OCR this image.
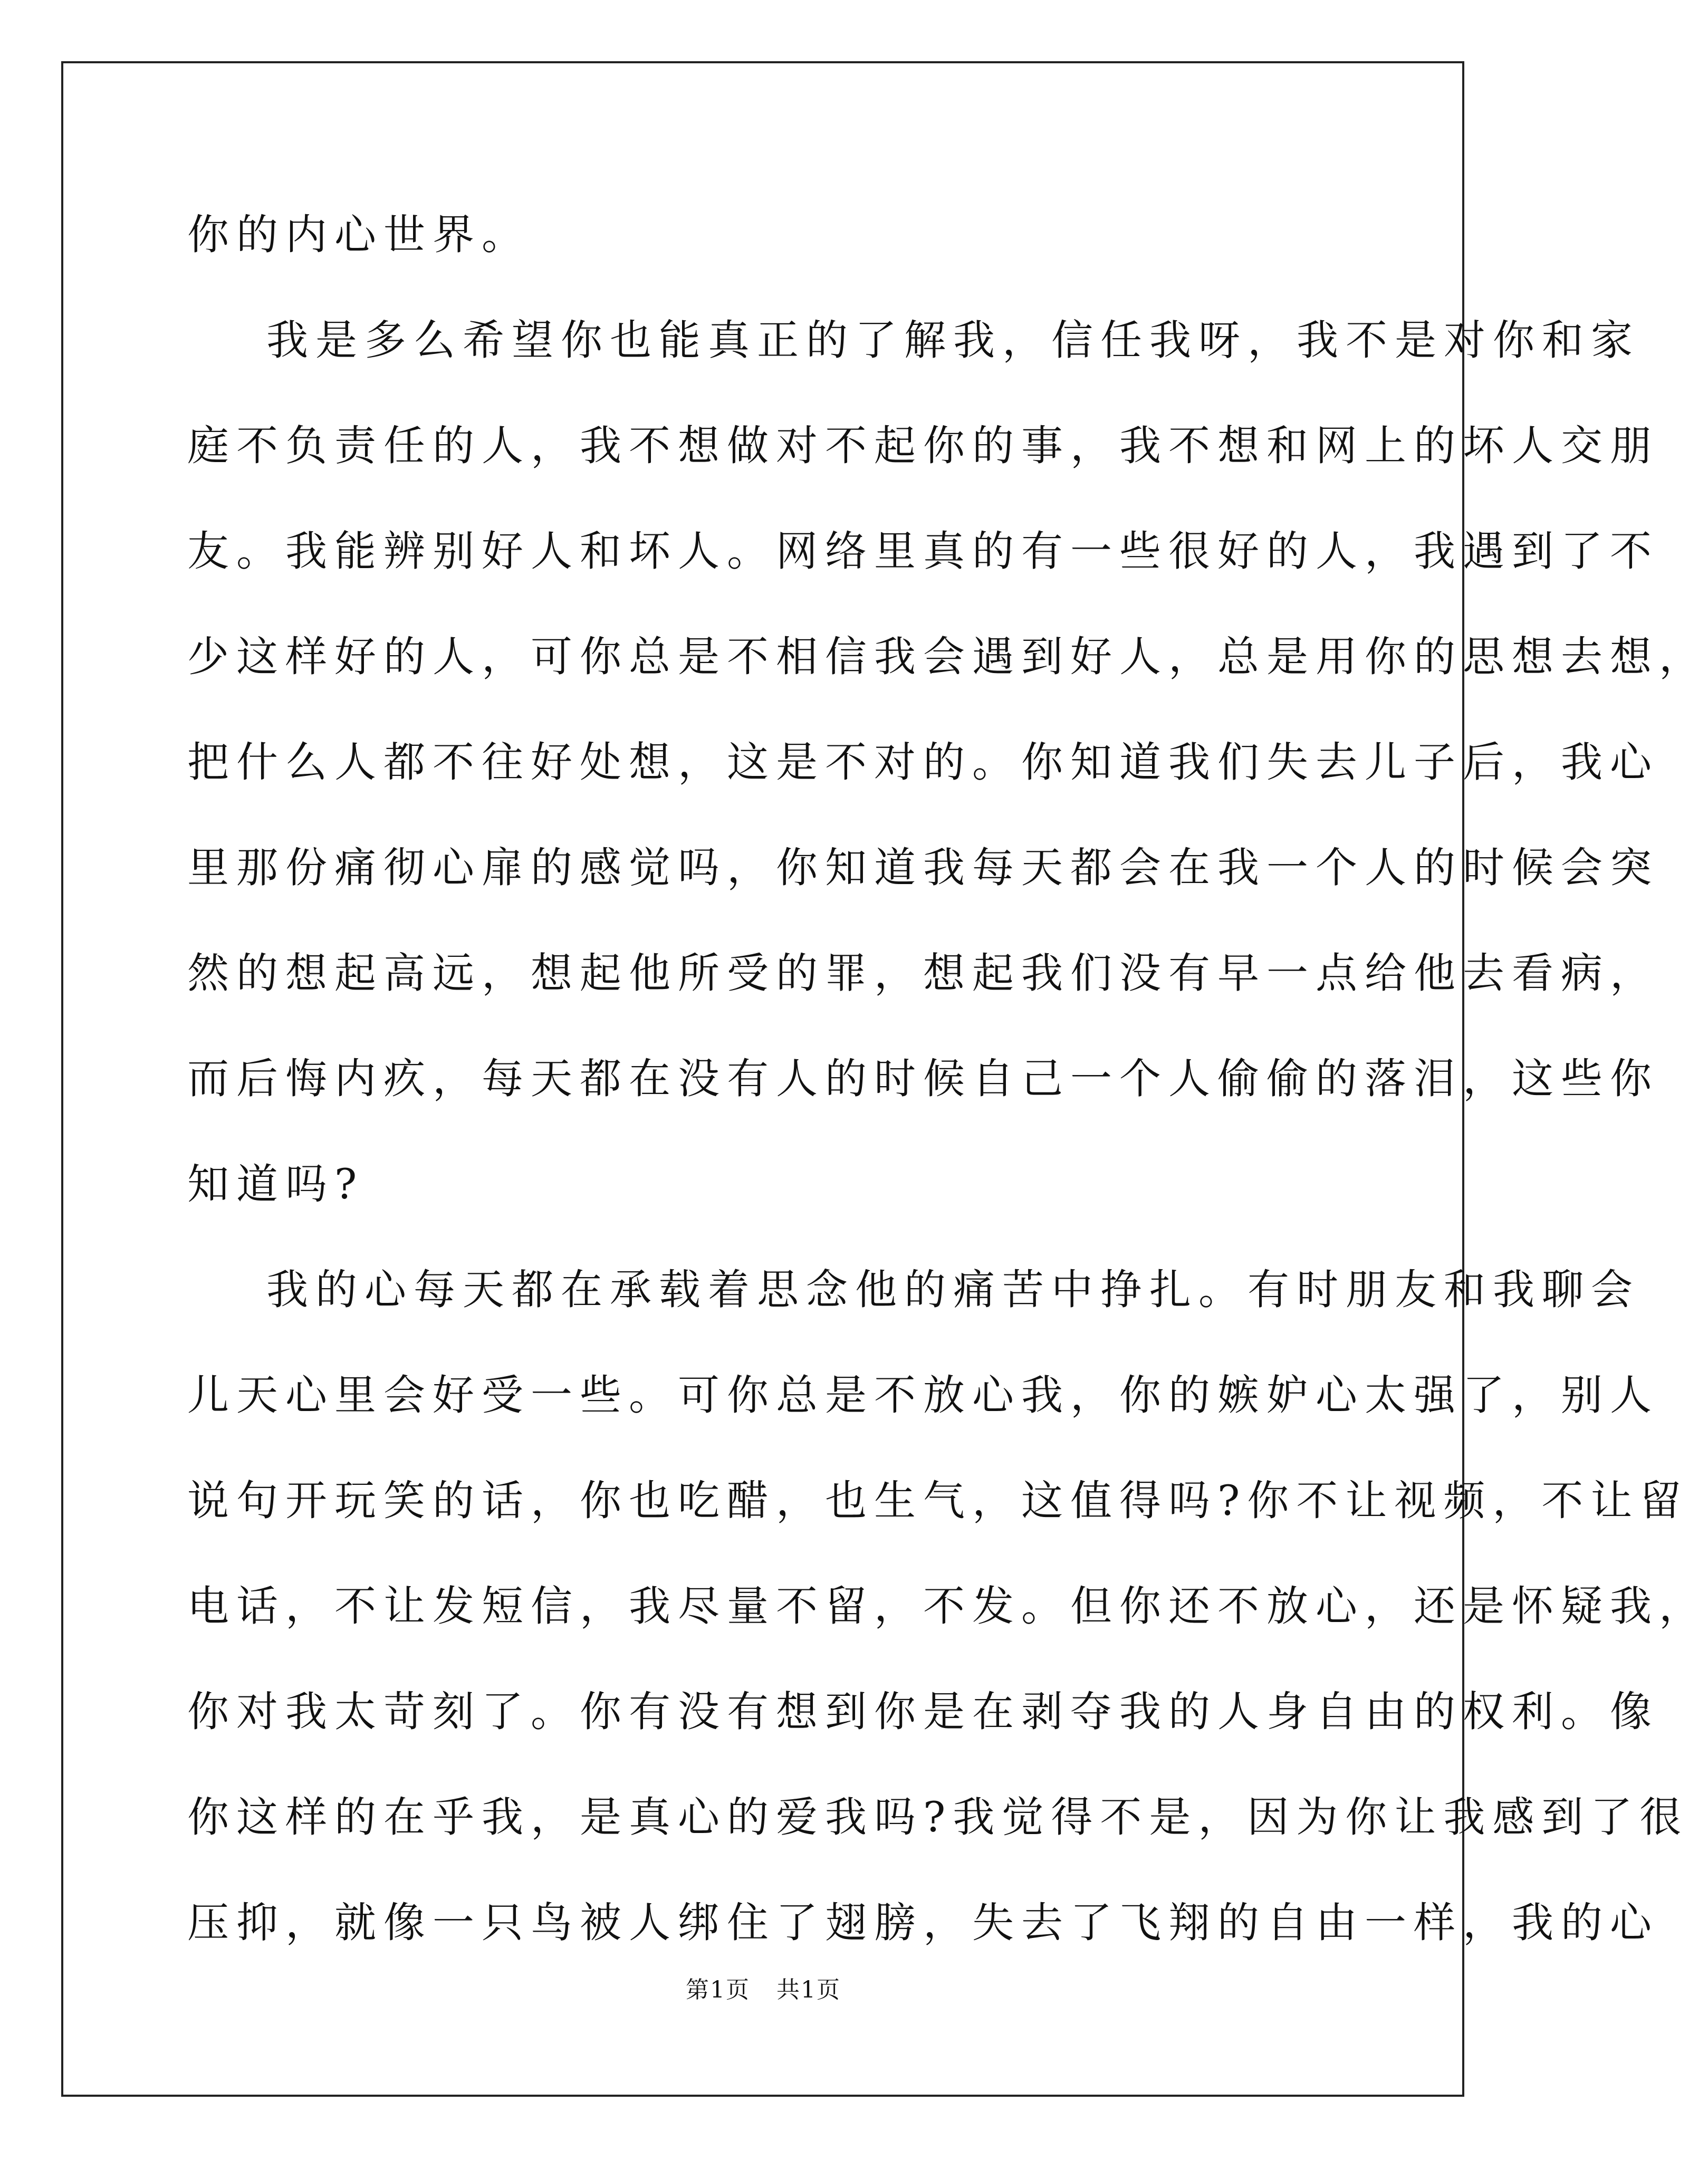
你的内心世界。
我是多么希望你也能真正的了解我，信任我呀，我不是对你和家
庭不负责任的人，我不想做对不起你的事，我不想和网上的坏人交朋
友。我能辨别好人和坏人。网络里真的有一些很好的人，我遇到了不
少这样好的人，可你总是不相信我会遇到好人，总是用你的思想去想，
把什么人都不往好处想，这是不对的。你知道我们失去儿子后，我心
里那份痛彻心扉的感觉吗，你知道我每天都会在我一个人的时候会突
然的想起高远，想起他所受的罪，想起我们没有早一点给他去看病，
而后悔内疚，每天都在没有人的时候自己一个人偷偷的落泪，这些你
知道吗?
我的心每天都在承载着思念他的痛苦中挣扎。有时朋友和我聊会
儿天心里会好受一些。可你总是不放心我，你的嫉妒心太强了，别人
说句开玩笑的话，你也吃醋，也生气，这值得吗?你不让视频，不让留
电话，不让发短信，我尽量不留，不发。但你还不放心，还是怀疑我，
你对我太苛刻了。你有没有想到你是在剥夺我的人身自由的权利。像
你这样的在乎我，是真心的爱我吗?我觉得不是，因为你让我感到了很
压抑，就像一只鸟被人绑住了翅膀，失去了飞翔的自由一样，我的心
第1页 共1页
